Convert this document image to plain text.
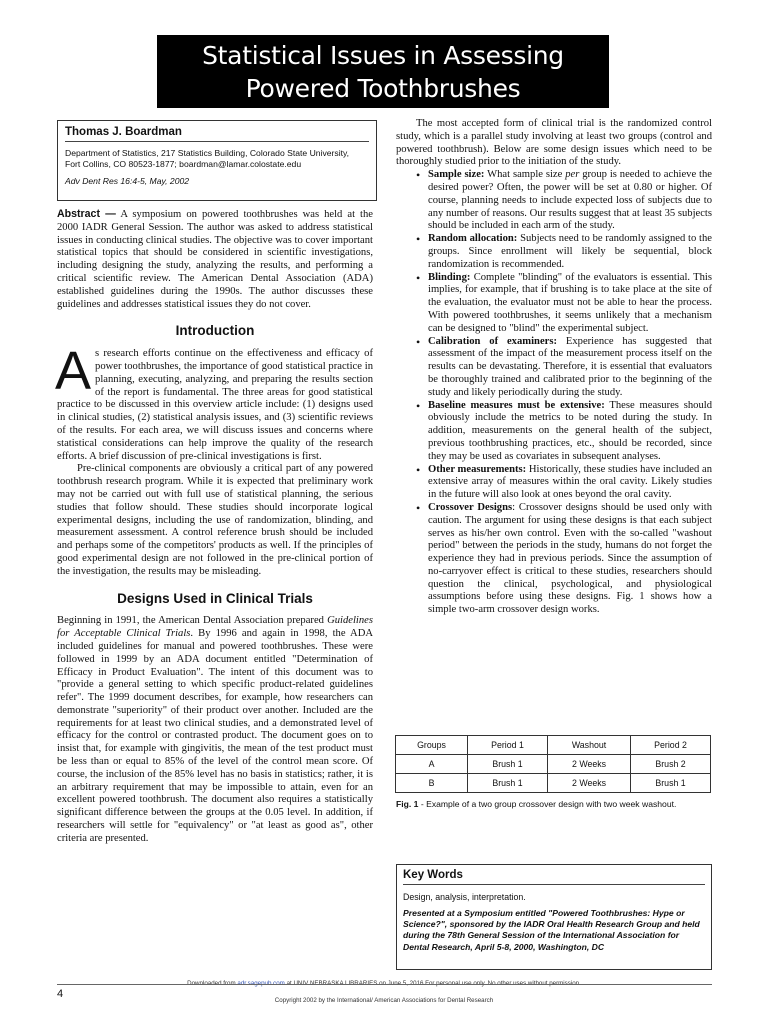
Statistical Issues in Assessing
Powered Toothbrushes
Thomas J. Boardman
Department of Statistics, 217 Statistics Building, Colorado State University,
Fort Collins, CO 80523-1877; boardman@lamar.colostate.edu
Adv Dent Res 16:4-5, May, 2002

Abstract — A symposium on powered toothbrushes was held at the 2000 IADR General Session. The author was asked to address statistical issues in conducting clinical studies. The objective was to cover important statistical topics that should be considered in scientific investigations, including designing the study, analyzing the results, and performing a critical scientific review. The American Dental Association (ADA) established guidelines during the 1990s. The author discusses these guidelines and addresses statistical issues they do not cover.

Introduction

A s research efforts continue on the effectiveness and efficacy of power toothbrushes, the importance of good statistical practice in planning, executing, analyzing, and preparing the results section of the report is fundamental. The three areas for good statistical practice to be discussed in this overview article include: (1) designs used in clinical studies, (2) statistical analysis issues, and (3) scientific reviews of the results. For each area, we will discuss issues and concerns where statistical considerations can help improve the quality of the research efforts. A brief discussion of pre-clinical investigations is first.

Pre-clinical components are obviously a critical part of any powered toothbrush research program. While it is expected that preliminary work may not be carried out with full use of statistical planning, the serious studies that follow should. These studies should incorporate logical experimental designs, including the use of randomization, blinding, and measurement assessment. A control reference brush should be included and perhaps some of the competitors' products as well. If the principles of good experimental design are not followed in the pre-clinical portion of the investigation, the results may be misleading.

Designs Used in Clinical Trials

Beginning in 1991, the American Dental Association prepared Guidelines for Acceptable Clinical Trials. By 1996 and again in 1998, the ADA included guidelines for manual and powered toothbrushes. These were followed in 1999 by an ADA document entitled "Determination of Efficacy in Product Evaluation". The intent of this document was to "provide a general setting to which specific product-related guidelines refer". The 1999 document describes, for example, how researchers can demonstrate "superiority" of their product over another. Included are the requirements for at least two clinical studies, and a demonstrated level of efficacy for the control or contrasted product. The document goes on to insist that, for example with gingivitis, the mean of the test product must be less than or equal to 85% of the level of the control mean score. Of course, the inclusion of the 85% level has no basis in statistics; rather, it is an arbitrary requirement that may be impossible to attain, even for an excellent powered toothbrush. The document also requires a statistically significant difference between the groups at the 0.05 level. In addition, if researchers will settle for "equivalency" or "at least as good as", other criteria are presented.

The most accepted form of clinical trial is the randomized control study, which is a parallel study involving at least two groups (control and powered toothbrush). Below are some design issues which need to be thoroughly studied prior to the initiation of the study.

• Sample size: What sample size per group is needed to achieve the desired power? Often, the power will be set at 0.80 or higher. Of course, planning needs to include expected loss of subjects due to any number of reasons. Our results suggest that at least 35 subjects should be included in each arm of the study.
• Random allocation: Subjects need to be randomly assigned to the groups. Since enrollment will likely be sequential, block randomization is recommended.
• Blinding: Complete "blinding" of the evaluators is essential. This implies, for example, that if brushing is to take place at the site of the evaluation, the evaluator must not be able to hear the process. With powered toothbrushes, it seems unlikely that a mechanism can be designed to "blind" the experimental subject.
• Calibration of examiners: Experience has suggested that assessment of the impact of the measurement process itself on the results can be devastating. Therefore, it is essential that evaluators be thoroughly trained and calibrated prior to the beginning of the study and likely periodically during the study.
• Baseline measures must be extensive: These measures should obviously include the metrics to be noted during the study. In addition, measurements on the general health of the subject, previous toothbrushing practices, etc., should be recorded, since they may be used as covariates in subsequent analyses.
• Other measurements: Historically, these studies have included an extensive array of measures within the oral cavity. Likely studies in the future will also look at ones beyond the oral cavity.
• Crossover Designs: Crossover designs should be used only with caution. The argument for using these designs is that each subject serves as his/her own control. Even with the so-called "washout period" between the periods in the study, humans do not forget the experience they had in previous periods. Since the assumption of no-carryover effect is critical to these studies, researchers should question the clinical, psychological, and physiological assumptions before using these designs. Fig. 1 shows how a simple two-arm crossover design works.
Groups	Period 1	Washout	Period 2
A	Brush 1	2 Weeks	Brush 2
B	Brush 1	2 Weeks	Brush 1
Fig. 1 - Example of a two group crossover design with two week washout.
Key Words
Design, analysis, interpretation.
Presented at a Symposium entitled "Powered Toothbrushes: Hype or Science?", sponsored by the IADR Oral Health Research Group and held during the 78th General Session of the International Association for Dental Research, April 5-8, 2000, Washington, DC
Downloaded from adr.sagepub.com at UNIV NEBRASKA LIBRARIES on June 5, 2016 For personal use only. No other uses without permission.
4
Copyright 2002 by the International/ American Associations for Dental Research
